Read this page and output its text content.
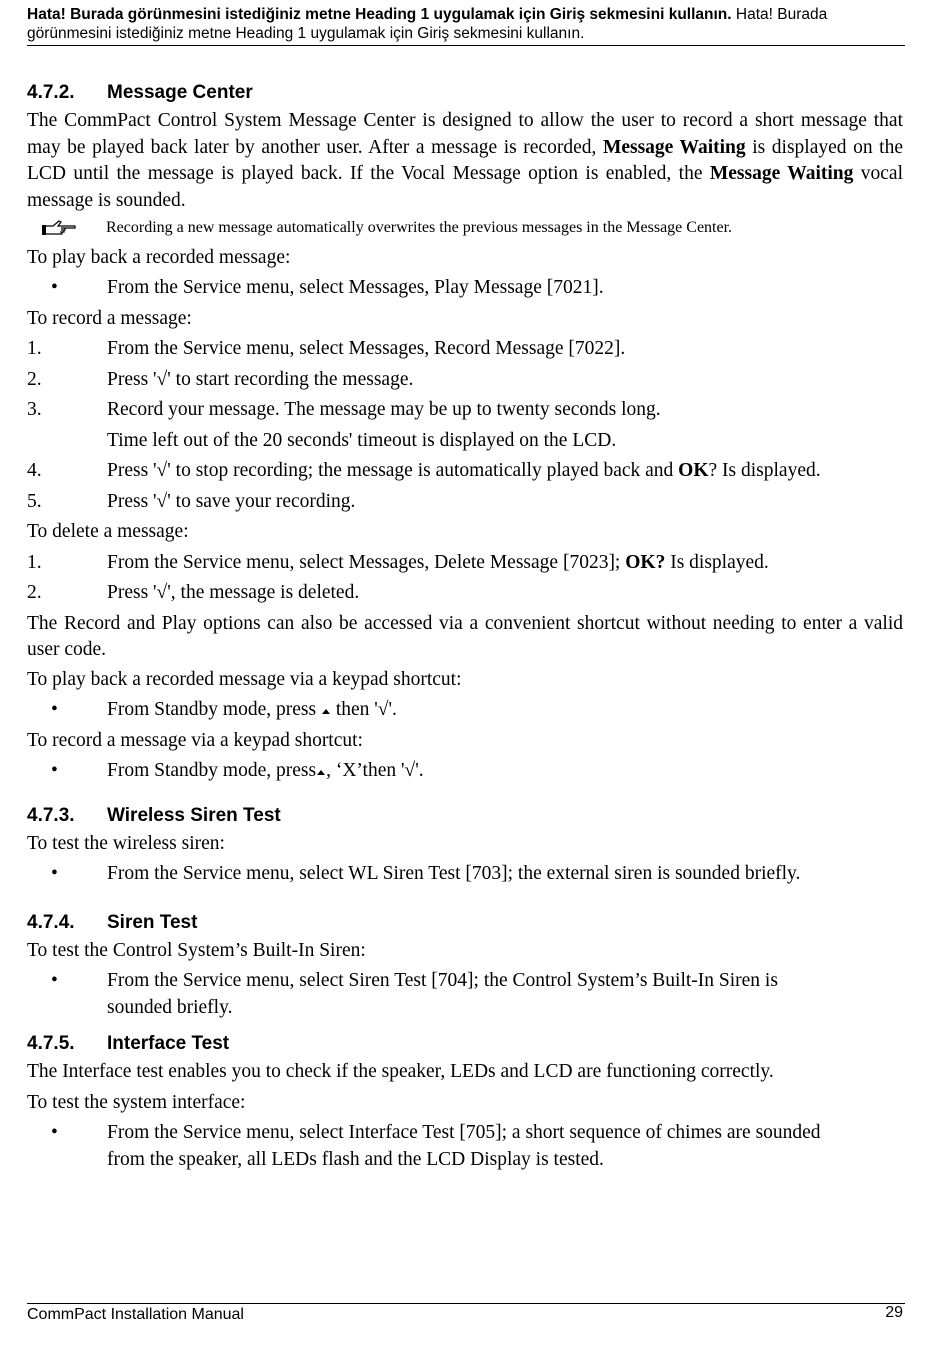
Hata! Burada görünmesini istediğiniz metne Heading 1 uygulamak için Giriş sekmesini kullanın. Hata! Burada görünmesini istediğiniz metne Heading 1 uygulamak için Giriş sekmesini kullanın.
4.7.2. Message Center

The CommPact Control System Message Center is designed to allow the user to record a short message that may be played back later by another user. After a message is recorded, Message Waiting is displayed on the LCD until the message is played back. If the Vocal Message option is enabled, the Message Waiting vocal message is sounded.

Recording a new message automatically overwrites the previous messages in the Message Center.

To play back a recorded message:

•	From the Service menu, select Messages, Play Message [7021].

To record a message:

1.	From the Service menu, select Messages, Record Message [7022].
2.	Press '√' to start recording the message.
3.	Record your message. The message may be up to twenty seconds long.
Time left out of the 20 seconds' timeout is displayed on the LCD.
4.	Press '√' to stop recording; the message is automatically played back and OK? Is displayed.
5.	Press '√' to save your recording.

To delete a message:

1.	From the Service menu, select Messages, Delete Message [7023]; OK? Is displayed.
2.	Press '√', the message is deleted.

The Record and Play options can also be accessed via a convenient shortcut without needing to enter a valid user code.

To play back a recorded message via a keypad shortcut:

•	From Standby mode, press  then '√'.

To record a message via a keypad shortcut:

•	From Standby mode, press , ‘X’then '√'.
4.7.3. Wireless Siren Test

To test the wireless siren:

•	From the Service menu, select WL Siren Test [703]; the external siren is sounded briefly.
4.7.4. Siren Test

To test the Control System’s Built-In Siren:

•	From the Service menu, select Siren Test [704]; the Control System’s Built-In Siren is sounded briefly.
4.7.5. Interface Test

The Interface test enables you to check if the speaker, LEDs and LCD are functioning correctly.

To test the system interface:

•	From the Service menu, select Interface Test [705]; a short sequence of chimes are sounded from the speaker, all LEDs flash and the LCD Display is tested.
CommPact Installation Manual	29
